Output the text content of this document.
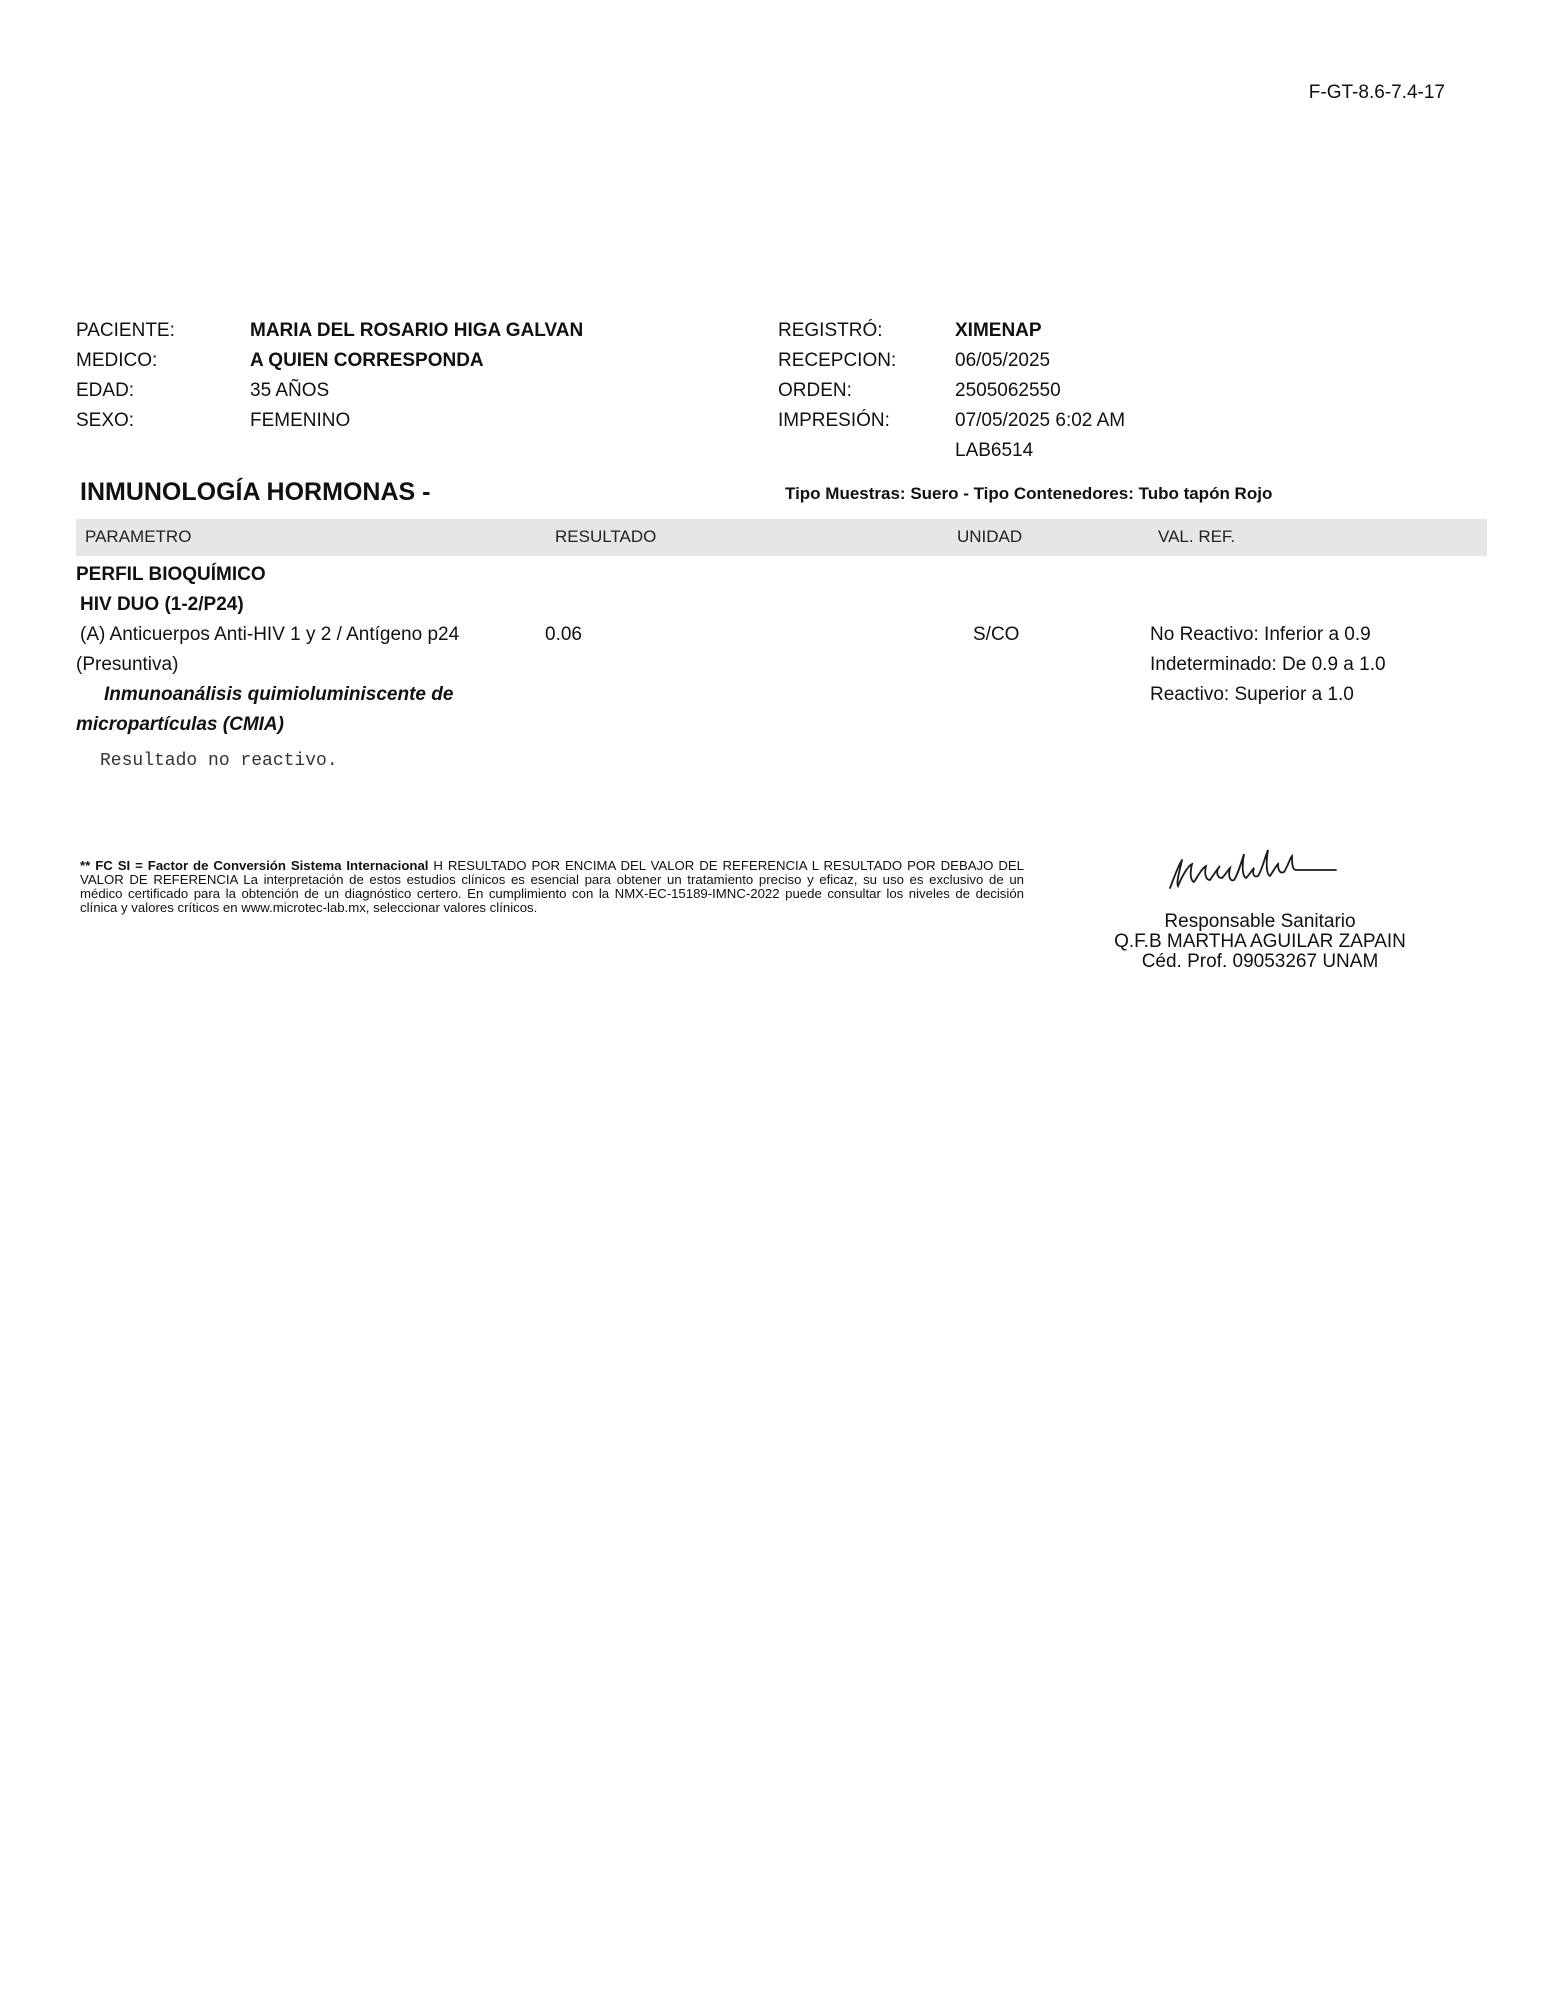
F-GT-8.6-7.4-17
PACIENTE:	MARIA DEL ROSARIO HIGA GALVAN
MEDICO:	A QUIEN CORRESPONDA
EDAD:	35 AÑOS
SEXO:	FEMENINO
REGISTRÓ:	XIMENAP
RECEPCION:	06/05/2025
ORDEN:	2505062550
IMPRESIÓN:	07/05/2025 6:02 AM
LAB6514
INMUNOLOGÍA HORMONAS -	Tipo Muestras: Suero - Tipo Contenedores: Tubo tapón Rojo
PARAMETRO	RESULTADO	UNIDAD	VAL. REF.
PERFIL BIOQUÍMICO
HIV DUO (1-2/P24)
(A) Anticuerpos Anti-HIV 1 y 2 / Antígeno p24
(Presuntiva)
0.06	S/CO	No Reactivo: Inferior a 0.9
Indeterminado: De 0.9 a 1.0
Reactivo: Superior a 1.0
Inmunoanálisis quimioluminiscente de
micropartículas (CMIA)
Resultado no reactivo.
** FC SI = Factor de Conversión Sistema Internacional H RESULTADO POR ENCIMA DEL VALOR DE REFERENCIA L RESULTADO POR DEBAJO DEL VALOR DE REFERENCIA La interpretación de estos estudios clínicos es esencial para obtener un tratamiento preciso y eficaz, su uso es exclusivo de un médico certificado para la obtención de un diagnóstico certero. En cumplimiento con la NMX-EC-15189-IMNC-2022 puede consultar los niveles de decisión clínica y valores críticos en www.microtec-lab.mx, seleccionar valores clínicos.
Responsable Sanitario
Q.F.B MARTHA AGUILAR ZAPAIN
Céd. Prof. 09053267 UNAM
